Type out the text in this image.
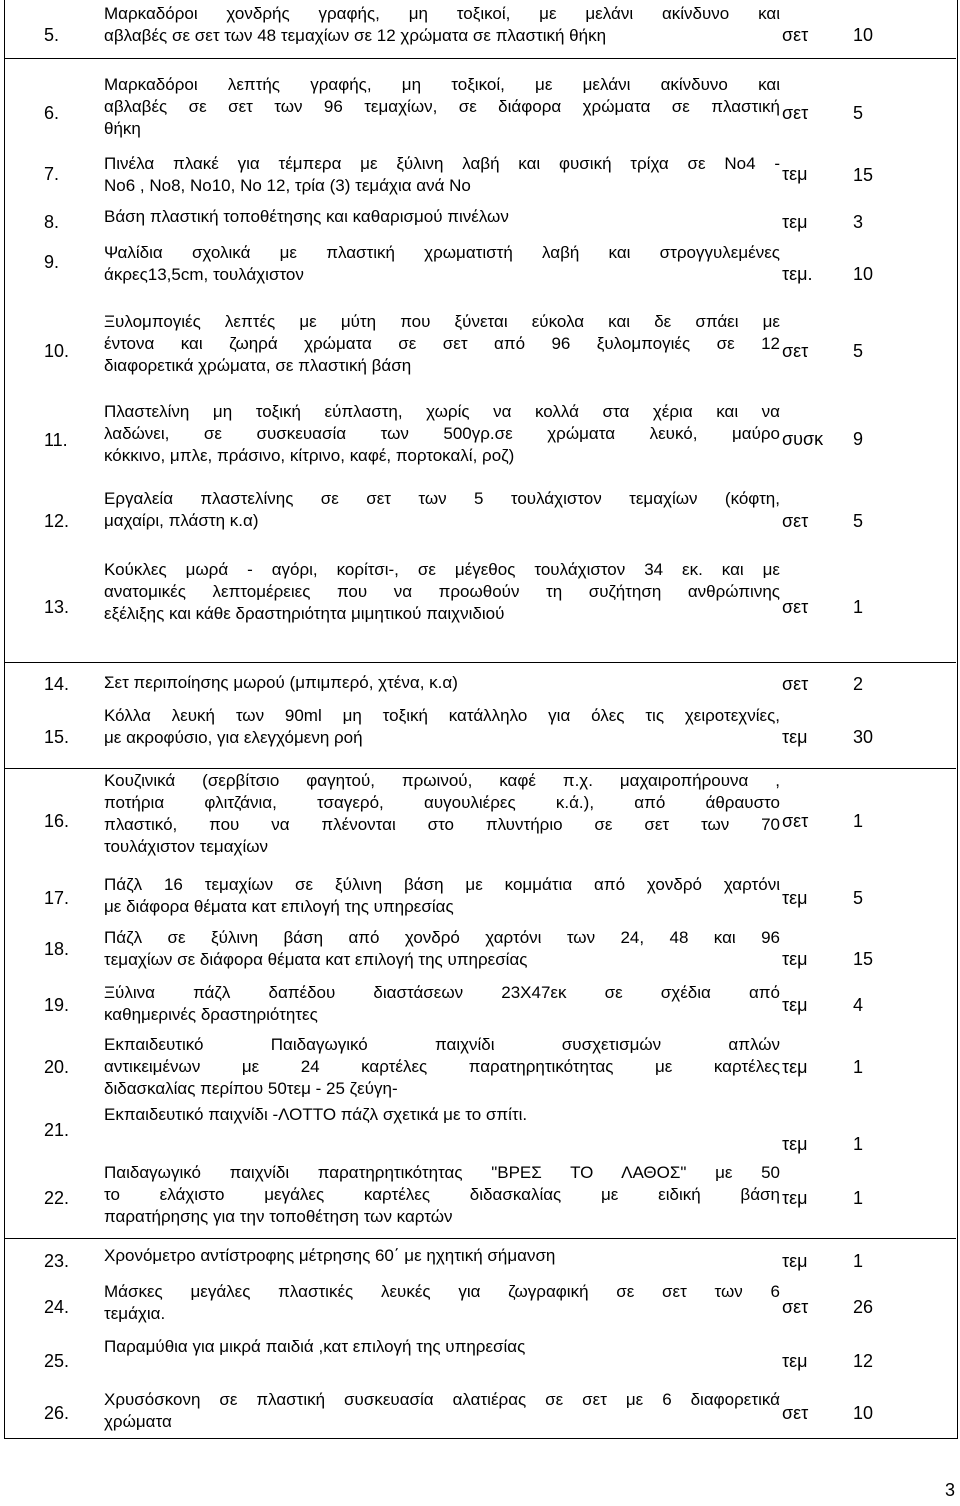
5.
Μαρκαδόροι χονδρής γραφής, μη τοξικοί, με μελάνι ακίνδυνο και
αβλαβές σε σετ των 48 τεμαχίων σε 12 χρώματα σε πλαστική θήκη	σετ 10
6.
Μαρκαδόροι λεπτής γραφής, μη τοξικοί, με μελάνι ακίνδυνο και
αβλαβές σε σετ των 96 τεμαχίων, σε διάφορα χρώματα σε πλαστική
θήκη
σετ 5
7.
Πινέλα πλακέ για τέμπερα με ξύλινη λαβή και φυσική τρίχα σε Νο4 -
Νο6 , Νο8, Νο10, Νο 12, τρία (3) τεμάχια ανά Νο
τεμ	15
8.	Βάση πλαστική τοποθέτησης και καθαρισμού πινέλων	τεμ	3
9.	Ψαλίδια σχολικά με πλαστική χρωματιστή λαβή και στρογγυλεμένες
άκρες13,5cm, τουλάχιστον	τεμ. 10
10.
Ξυλομπογιές λεπτές με μύτη που ξύνεται εύκολα και δε σπάει με
έντονα και ζωηρά χρώματα σε σετ από 96 ξυλομπογιές σε 12
διαφορετικά χρώματα, σε πλαστική βάση
σετ 5
11.
Πλαστελίνη μη τοξική εύπλαστη, χωρίς να κολλά στα χέρια και να
λαδώνει, σε συσκευασία των 500γρ.σε χρώματα λευκό, μαύρο
κόκκινο, μπλε, πράσινο, κίτρινο, καφέ, πορτοκαλί, ροζ)
συσκ 9
12.
Εργαλεία πλαστελίνης σε σετ των 5 τουλάχιστον τεμαχίων (κόφτη,
μαχαίρι, πλάστη κ.α)	σετ 5
13.
Κούκλες μωρά - αγόρι, κορίτσι-, σε μέγεθος τουλάχιστον 34 εκ. και με
ανατομικές λεπτομέρειες που να προωθούν τη συζήτηση ανθρώπινης
εξέλιξης και κάθε δραστηριότητα μιμητικού παιχνιδιού	σετ 1
14.	Σετ περιποίησης μωρού (μπιμπερό, χτένα, κ.α)	σετ 2
15.
Κόλλα λευκή των 90ml μη τοξική κατάλληλο για όλες τις χειροτεχνίες,
με ακροφύσιο, για ελεγχόμενη ροή	τεμ	30
16.
Κουζινικά (σερβίτσιο φαγητού, πρωινού, καφέ π.χ. μαχαιροπήρουνα ,
ποτήρια φλιτζάνια, τσαγερό, αυγουλιέρες κ.ά.), από άθραυστο
πλαστικό, που να πλένονται στο πλυντήριο σε σετ των 70
τουλάχιστον τεμαχίων
σετ 1
17.
Πάζλ 16 τεμαχίων σε ξύλινη βάση με κομμάτια από χονδρό χαρτόνι
με διάφορα θέματα κατ επιλογή της υπηρεσίας	τεμ	5
18.
Πάζλ σε ξύλινη βάση από χονδρό χαρτόνι των 24, 48 και 96
τεμαχίων σε διάφορα θέματα κατ επιλογή της υπηρεσίας	τεμ	15
19.
Ξύλινα πάζλ δαπέδου διαστάσεων 23Χ47εκ σε σχέδια από
καθημερινές δραστηριότητες	τεμ	4
20.
Εκπαιδευτικό Παιδαγωγικό παιχνίδι συσχετισμών απλών
αντικειμένων με 24 καρτέλες παρατηρητικότητας με καρτέλες
διδασκαλίας περίπου 50τεμ - 25 ζεύγη-
τεμ	1
21.
Εκπαιδευτικό παιχνίδι -ΛΟΤΤΟ πάζλ σχετικά με το σπίτι.
τεμ	1
22.
Παιδαγωγικό παιχνίδι παρατηρητικότητας "ΒΡΕΣ ΤΟ ΛΑΘΟΣ" με 50
το ελάχιστο μεγάλες καρτέλες διδασκαλίας με ειδική βάση
παρατήρησης για την τοποθέτηση των καρτών
τεμ	1
23.	Χρονόμετρο αντίστροφης μέτρησης 60΄ με ηχητική σήμανση	τεμ	1
24.
Μάσκες μεγάλες πλαστικές λευκές για ζωγραφική σε σετ των 6
τεμάχια.	σετ 26
25.
Παραμύθια για μικρά παιδιά ,κατ επιλογή της υπηρεσίας
τεμ	12
26.
Χρυσόσκονη σε πλαστική συσκευασία αλατιέρας σε σετ με 6 διαφορετικά
χρώματα	σετ 10
3
